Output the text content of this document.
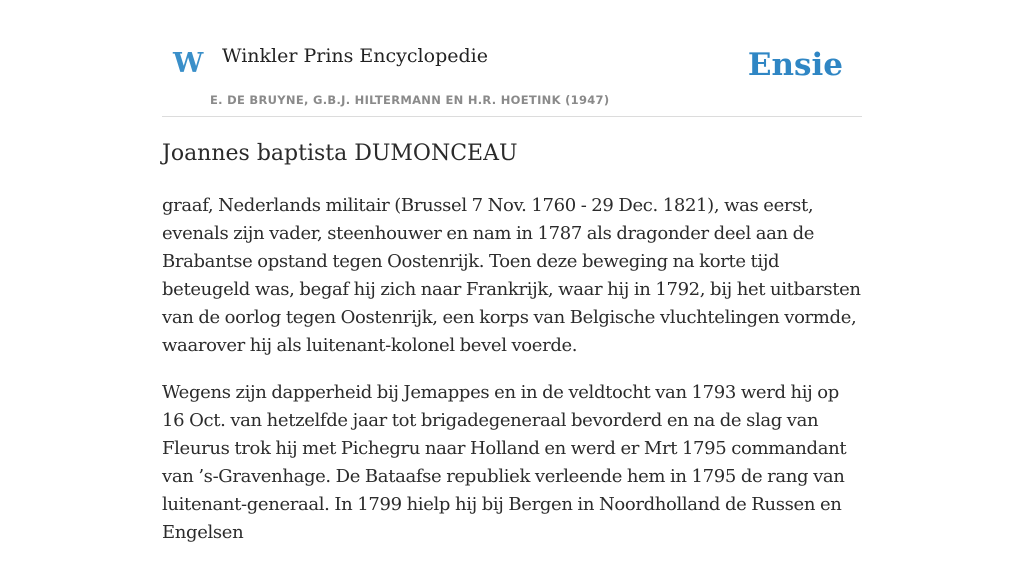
W Winkler Prins Encyclopedie
E. DE BRUYNE, G.B.J. HILTERMANN EN H.R. HOETINK (1947)
Ensie
Joannes baptista DUMONCEAU

graaf, Nederlands militair (Brussel 7 Nov. 1760 - 29 Dec. 1821), was eerst, evenals zijn vader, steenhouwer en nam in 1787 als dragonder deel aan de Brabantse opstand tegen Oostenrijk. Toen deze beweging na korte tijd beteugeld was, begaf hij zich naar Frankrijk, waar hij in 1792, bij het uitbarsten van de oorlog tegen Oostenrijk, een korps van Belgische vluchtelingen vormde, waarover hij als luitenant-kolonel bevel voerde.

Wegens zijn dapperheid bij Jemappes en in de veldtocht van 1793 werd hij op 16 Oct. van hetzelfde jaar tot brigadegeneraal bevorderd en na de slag van Fleurus trok hij met Pichegru naar Holland en werd er Mrt 1795 commandant van ’s-Gravenhage. De Bataafse republiek verleende hem in 1795 de rang van luitenant-generaal. In 1799 hielp hij bij Bergen in Noordholland de Russen en Engelsen
